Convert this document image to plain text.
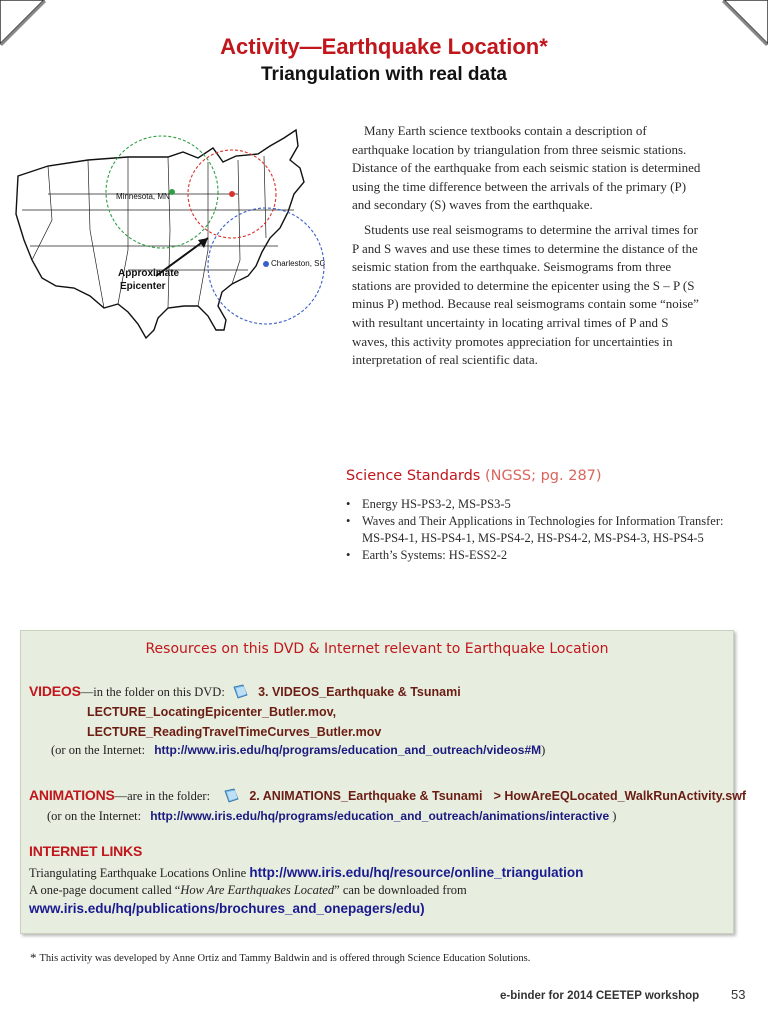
Activity—Earthquake Location*
Triangulation with real data
Minnesota, MN
Charleston, SC
Approximate
Epicenter

Many Earth science textbooks contain a description of earthquake location by triangulation from three seismic stations. Distance of the earthquake from each seismic station is determined using the time difference between the arrivals of the primary (P) and secondary (S) waves from the earthquake.

Students use real seismograms to determine the arrival times for P and S waves and use these times to determine the distance of the seismic station from the earthquake. Seismograms from three stations are provided to determine the epicenter using the S – P (S minus P) method. Because real seismograms contain some “noise” with resultant uncertainty in locating arrival times of P and S waves, this activity promotes appreciation for uncertainties in interpretation of real scientific data.

Science Standards (NGSS; pg. 287)
• Energy HS-PS3-2, MS-PS3-5
• Waves and Their Applications in Technologies for Information Transfer: MS-PS4-1, HS-PS4-1, MS-PS4-2, HS-PS4-2, MS-PS4-3, HS-PS4-5
• Earth’s Systems: HS-ESS2-2
Resources on this DVD & Internet relevant to Earthquake Location
VIDEOS—in the folder on this DVD:	3. VIDEOS_Earthquake & Tsunami
LECTURE_LocatingEpicenter_Butler.mov,
LECTURE_ReadingTravelTimeCurves_Butler.mov
(or on the Internet: http://www.iris.edu/hq/programs/education_and_outreach/videos#M)
ANIMATIONS—are in the folder:	2. ANIMATIONS_Earthquake & Tsunami > HowAreEQLocated_WalkRunActivity.swf
(or on the Internet: http://www.iris.edu/hq/programs/education_and_outreach/animations/interactive )
INTERNET LINKS
Triangulating Earthquake Locations Online http://www.iris.edu/hq/resource/online_triangulation
A one-page document called “How Are Earthquakes Located” can be downloaded from
www.iris.edu/hq/publications/brochures_and_onepagers/edu)
* This activity was developed by Anne Ortiz and Tammy Baldwin and is offered through Science Education Solutions.
e-binder for 2014 CEETEP workshop 53
